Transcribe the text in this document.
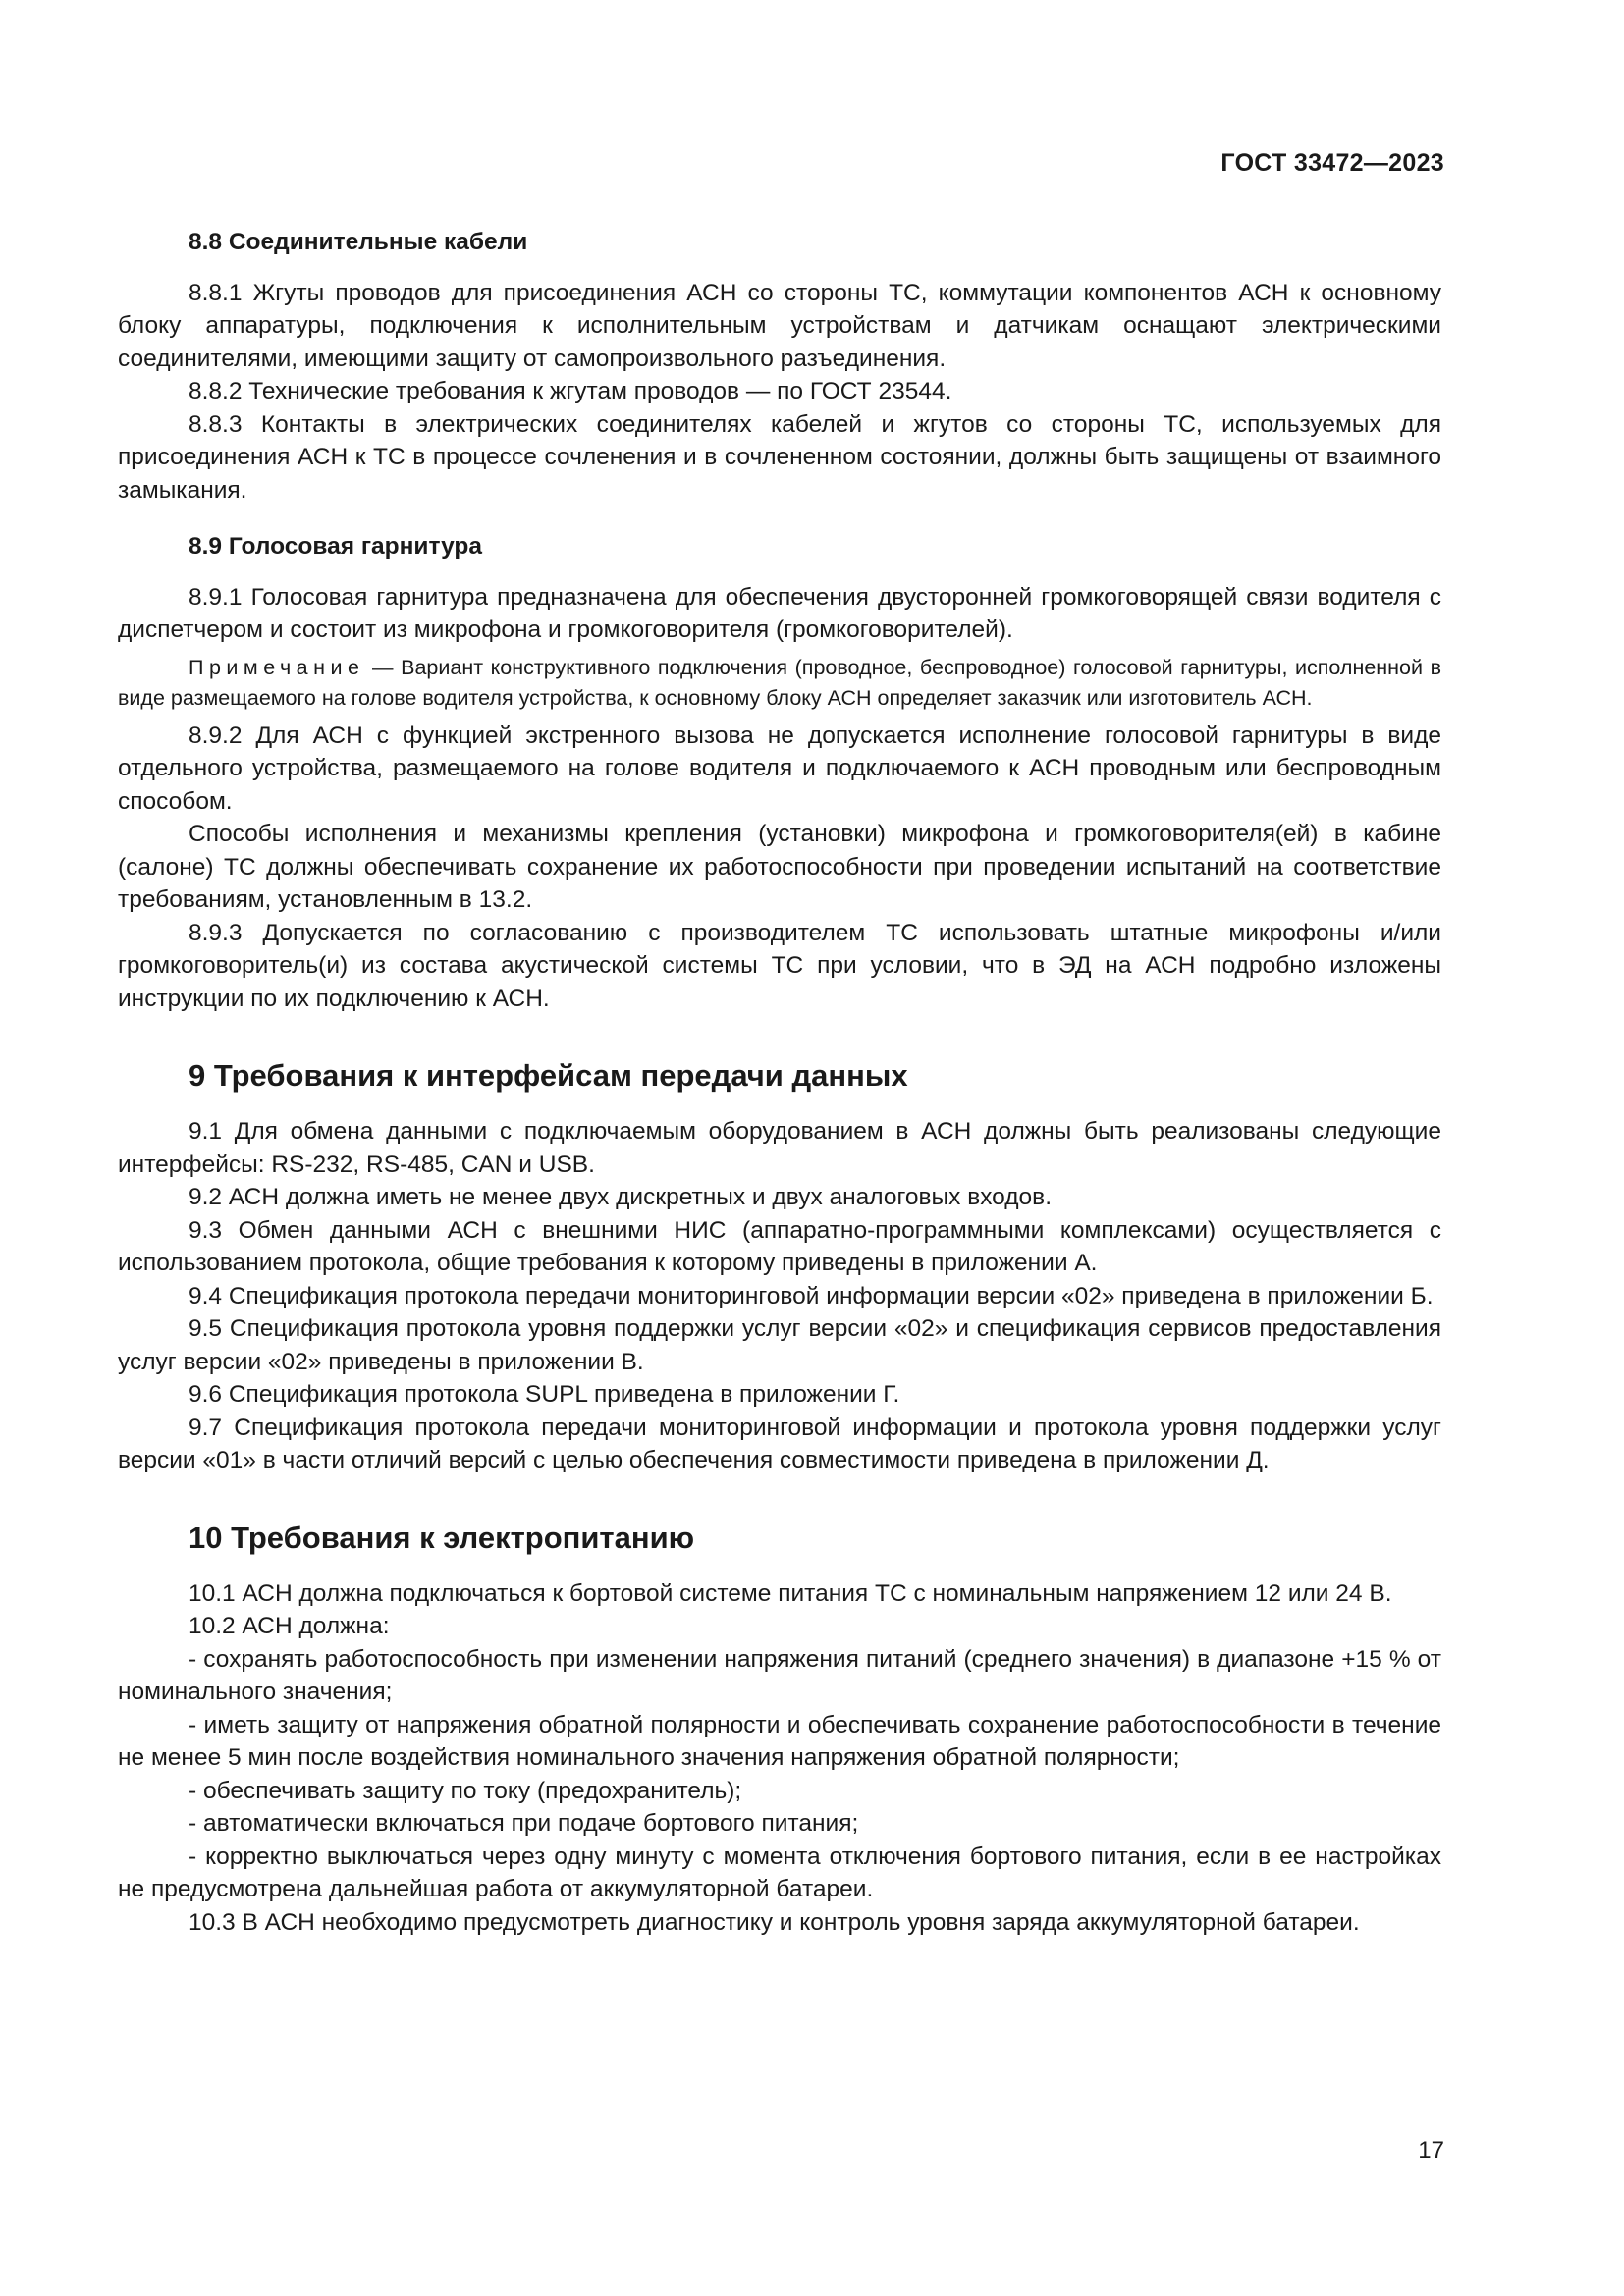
ГОСТ 33472—2023
8.8 Соединительные кабели

8.8.1 Жгуты проводов для присоединения АСН со стороны ТС, коммутации компонентов АСН к основному блоку аппаратуры, подключения к исполнительным устройствам и датчикам оснащают электрическими соединителями, имеющими защиту от самопроизвольного разъединения.

8.8.2 Технические требования к жгутам проводов — по ГОСТ 23544.

8.8.3 Контакты в электрических соединителях кабелей и жгутов со стороны ТС, используемых для присоединения АСН к ТС в процессе сочленения и в сочлененном состоянии, должны быть защищены от взаимного замыкания.

8.9 Голосовая гарнитура

8.9.1 Голосовая гарнитура предназначена для обеспечения двусторонней громкоговорящей связи водителя с диспетчером и состоит из микрофона и громкоговорителя (громкоговорителей).

Примечание — Вариант конструктивного подключения (проводное, беспроводное) голосовой гарнитуры, исполненной в виде размещаемого на голове водителя устройства, к основному блоку АСН определяет заказчик или изготовитель АСН.

8.9.2 Для АСН с функцией экстренного вызова не допускается исполнение голосовой гарнитуры в виде отдельного устройства, размещаемого на голове водителя и подключаемого к АСН проводным или беспроводным способом.

Способы исполнения и механизмы крепления (установки) микрофона и громкоговорителя(ей) в кабине (салоне) ТС должны обеспечивать сохранение их работоспособности при проведении испытаний на соответствие требованиям, установленным в 13.2.

8.9.3 Допускается по согласованию с производителем ТС использовать штатные микрофоны и/или громкоговоритель(и) из состава акустической системы ТС при условии, что в ЭД на АСН подробно изложены инструкции по их подключению к АСН.

9 Требования к интерфейсам передачи данных

9.1 Для обмена данными с подключаемым оборудованием в АСН должны быть реализованы следующие интерфейсы: RS-232, RS-485, CAN и USB.

9.2 АСН должна иметь не менее двух дискретных и двух аналоговых входов.

9.3 Обмен данными АСН с внешними НИС (аппаратно-программными комплексами) осуществляется с использованием протокола, общие требования к которому приведены в приложении А.

9.4 Спецификация протокола передачи мониторинговой информации версии «02» приведена в приложении Б.

9.5 Спецификация протокола уровня поддержки услуг версии «02» и спецификация сервисов предоставления услуг версии «02» приведены в приложении В.

9.6 Спецификация протокола SUPL приведена в приложении Г.

9.7 Спецификация протокола передачи мониторинговой информации и протокола уровня поддержки услуг версии «01» в части отличий версий с целью обеспечения совместимости приведена в приложении Д.

10 Требования к электропитанию

10.1 АСН должна подключаться к бортовой системе питания ТС с номинальным напряжением 12 или 24 В.

10.2 АСН должна:

- сохранять работоспособность при изменении напряжения питаний (среднего значения) в диапазоне +15 % от номинального значения;

- иметь защиту от напряжения обратной полярности и обеспечивать сохранение работоспособности в течение не менее 5 мин после воздействия номинального значения напряжения обратной полярности;

- обеспечивать защиту по току (предохранитель);

- автоматически включаться при подаче бортового питания;

- корректно выключаться через одну минуту с момента отключения бортового питания, если в ее настройках не предусмотрена дальнейшая работа от аккумуляторной батареи.

10.3 В АСН необходимо предусмотреть диагностику и контроль уровня заряда аккумуляторной батареи.

17
